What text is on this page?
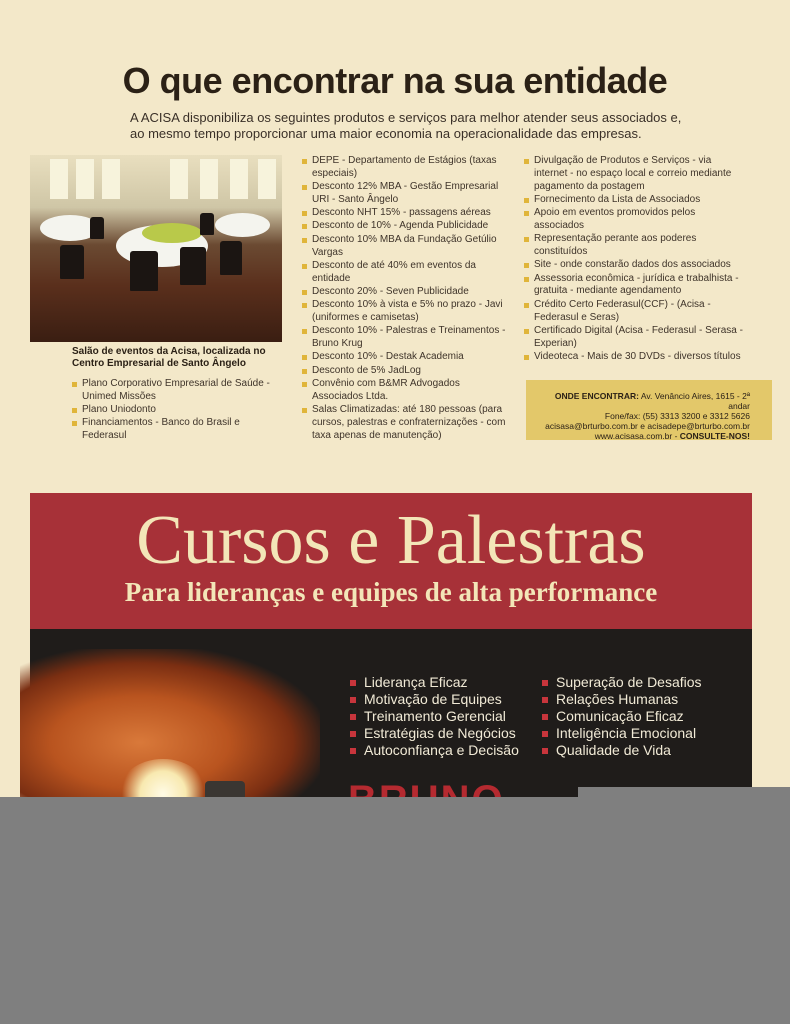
O que encontrar na sua entidade
A ACISA disponibiliza os seguintes produtos e serviços para melhor atender seus associados e, ao mesmo tempo proporcionar uma maior economia na operacionalidade das empresas.
Salão de eventos da Acisa, localizada no Centro Empresarial de Santo Ângelo
Plano Corporativo Empresarial de Saúde - Unimed Missões
Plano Uniodonto
Financiamentos - Banco do Brasil e Federasul
DEPE - Departamento de Estágios (taxas especiais)
Desconto 12% MBA - Gestão Empresarial URI - Santo Ângelo
Desconto NHT 15% - passagens aéreas
Desconto de 10% - Agenda Publicidade
Desconto 10% MBA da Fundação Getúlio Vargas
Desconto de até 40% em eventos da entidade
Desconto 20% - Seven Publicidade
Desconto 10% à vista e 5% no prazo - Javi (uniformes e camisetas)
Desconto 10% - Palestras e Treinamentos - Bruno Krug
Desconto 10% - Destak Academia
Desconto de 5% JadLog
Convênio com B&MR Advogados Associados Ltda.
Salas Climatizadas: até 180 pessoas (para cursos, palestras e confraternizações - com taxa apenas de manutenção)
Divulgação de Produtos e Serviços - via internet - no espaço local e correio mediante pagamento da postagem
Fornecimento da Lista de Associados
Apoio em eventos promovidos pelos associados
Representação perante aos poderes constituídos
Site - onde constarão dados dos associados
Assessoria econômica - jurídica e trabalhista - gratuita - mediante agendamento
Crédito Certo Federasul(CCF) - (Acisa - Federasul e Seras)
Certificado Digital (Acisa - Federasul - Serasa - Experian)
Videoteca - Mais de 30 DVDs - diversos títulos
ONDE ENCONTRAR: Av. Venâncio Aires, 1615 - 2ª andar
Fone/fax: (55) 3313 3200 e 3312 5626
acisasa@brturbo.com.br e acisadepe@brturbo.com.br
www.acisasa.com.br - CONSULTE-NOS!
Cursos e Palestras
Para lideranças e equipes de alta performance
Liderança Eficaz
Motivação de Equipes
Treinamento Gerencial
Estratégias de Negócios
Autoconfiança e Decisão
Superação de Desafios
Relações Humanas
Comunicação Eficaz
Inteligência Emocional
Qualidade de Vida
